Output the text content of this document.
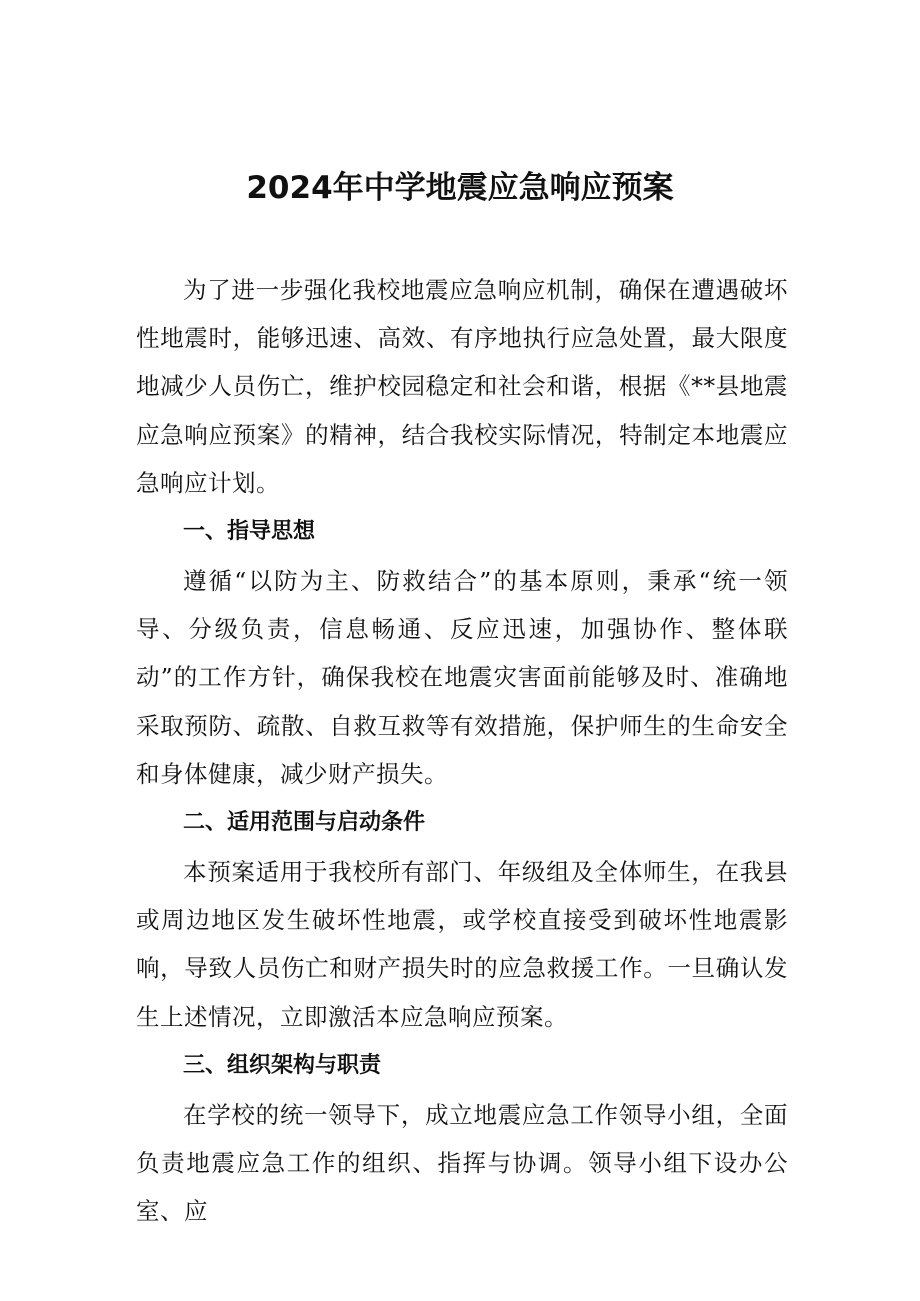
2024年中学地震应急响应预案

为了进一步强化我校地震应急响应机制，确保在遭遇破坏性地震时，能够迅速、高效、有序地执行应急处置，最大限度地减少人员伤亡，维护校园稳定和社会和谐，根据《**县地震应急响应预案》的精神，结合我校实际情况，特制定本地震应急响应计划。

一、指导思想

遵循“以防为主、防救结合”的基本原则，秉承“统一领导、分级负责，信息畅通、反应迅速，加强协作、整体联动”的工作方针，确保我校在地震灾害面前能够及时、准确地采取预防、疏散、自救互救等有效措施，保护师生的生命安全和身体健康，减少财产损失。

二、适用范围与启动条件

本预案适用于我校所有部门、年级组及全体师生，在我县或周边地区发生破坏性地震，或学校直接受到破坏性地震影响，导致人员伤亡和财产损失时的应急救援工作。一旦确认发生上述情况，立即激活本应急响应预案。

三、组织架构与职责

在学校的统一领导下，成立地震应急工作领导小组，全面负责地震应急工作的组织、指挥与协调。领导小组下设办公室、应
